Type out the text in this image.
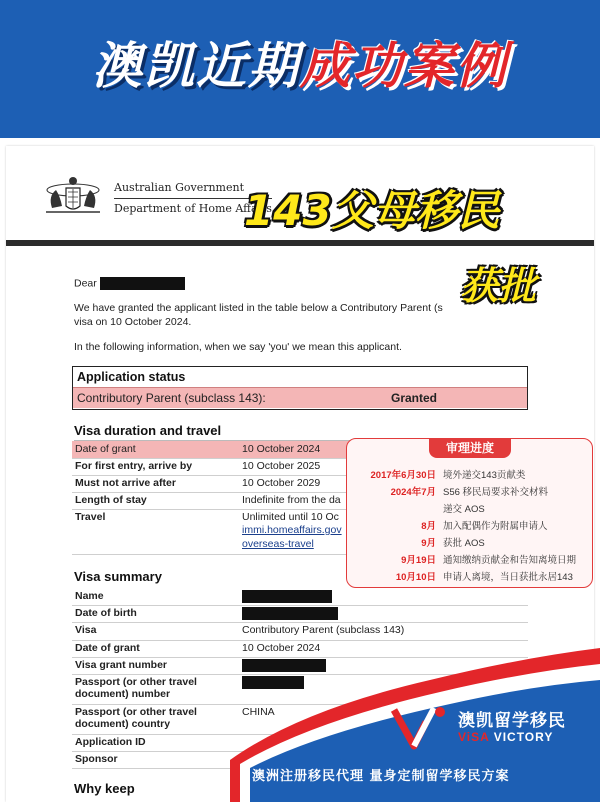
澳凯近期成功案例
Australian Government
Department of Home Affairs
143父母移民
获批
Dear
We have granted the applicant listed in the table below a Contributory Parent (s
visa on 10 October 2024.
In the following information, when we say 'you' we mean this applicant.
Application status
Contributory Parent (subclass 143):	Granted
Visa duration and travel
Date of grant	10 October 2024
For first entry, arrive by	10 October 2025
Must not arrive after	10 October 2029
Length of stay	Indefinite from the da
Travel	Unlimited until 10 Oc
immi.homeaffairs.gov
overseas-travel
Visa summary
Name
Date of birth
Visa	Contributory Parent (subclass 143)
Date of grant	10 October 2024
Visa grant number
Passport (or other travel
document) number
Passport (or other travel
document) country
CHINA
Application ID
Sponsor
审理进度
2017年6月30日 境外递交143贡献类
2024年7月 S56 移民局要求补交材料
递交 AOS
8月 加入配偶作为附属申请人
9月 获批 AOS
9月19日 通知缴纳贡献金和告知离境日期
10月10日 申请人离境，当日获批永居143
澳凯留学移民
ViSA VICTORY
澳洲注册移民代理 量身定制留学移民方案
Why keep
